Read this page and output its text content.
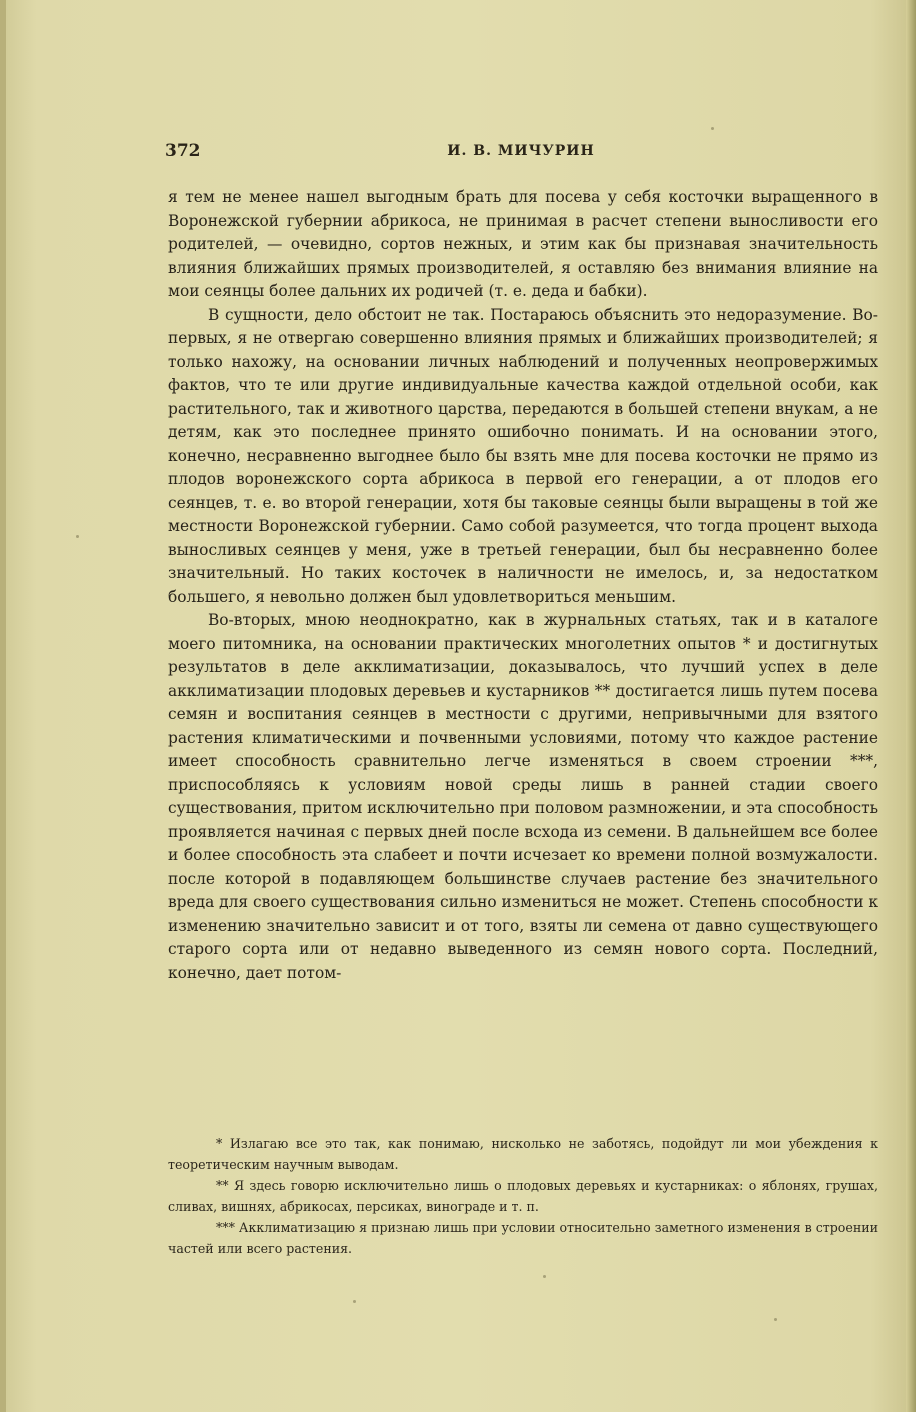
372	И. В. МИЧУРИН

я тем не менее нашел выгодным брать для посева у себя косточки выращенного в Воронежской губернии абрикоса, не принимая в расчет степени выносливости его родителей, — очевидно, сортов нежных, и этим как бы признавая значительность влияния ближайших прямых производителей, я оставляю без внимания влияние на мои сеянцы более дальних их родичей (т. е. деда и бабки).

В сущности, дело обстоит не так. Постараюсь объяснить это недоразумение. Во-первых, я не отвергаю совершенно влияния прямых и ближайших производителей; я только нахожу, на основании личных наблюдений и полученных неопровержимых фактов, что те или другие индивидуальные качества каждой отдельной особи, как растительного, так и животного царства, передаются в большей степени внукам, а не детям, как это последнее принято ошибочно понимать. И на основании этого, конечно, несравненно выгоднее было бы взять мне для посева косточки не прямо из плодов воронежского сорта абрикоса в первой его генерации, а от плодов его сеянцев, т. е. во второй генерации, хотя бы таковые сеянцы были выращены в той же местности Воронежской губернии. Само собой разумеется, что тогда процент выхода выносливых сеянцев у меня, уже в третьей генерации, был бы несравненно более значительный. Но таких косточек в наличности не имелось, и, за недостатком большего, я невольно должен был удовлетвориться меньшим.

Во-вторых, мною неоднократно, как в журнальных статьях, так и в каталоге моего питомника, на основании практических многолетних опытов * и достигнутых результатов в деле акклиматизации, доказывалось, что лучший успех в деле акклиматизации плодовых деревьев и кустарников ** достигается лишь путем посева семян и воспитания сеянцев в местности с другими, непривычными для взятого растения климатическими и почвенными условиями, потому что каждое растение имеет способность сравнительно легче изменяться в своем строении ***, приспособляясь к условиям новой среды лишь в ранней стадии своего существования, притом исключительно при половом размножении, и эта способность проявляется начиная с первых дней после всхода из семени. В дальнейшем все более и более способность эта слабеет и почти исчезает ко времени полной возмужалости. после которой в подавляющем большинстве случаев растение без значительного вреда для своего существования сильно измениться не может. Степень способности к изменению значительно зависит и от того, взяты ли семена от давно существующего старого сорта или от недавно выведенного из семян нового сорта. Последний, конечно, дает потом-

* Излагаю все это так, как понимаю, нисколько не заботясь, подойдут ли мои убеждения к теоретическим научным выводам.

** Я здесь говорю исключительно лишь о плодовых деревьях и кустарниках: о яблонях, грушах, сливах, вишнях, абрикосах, персиках, винограде и т. п.

*** Акклиматизацию я признаю лишь при условии относительно заметного изменения в строении частей или всего растения.
